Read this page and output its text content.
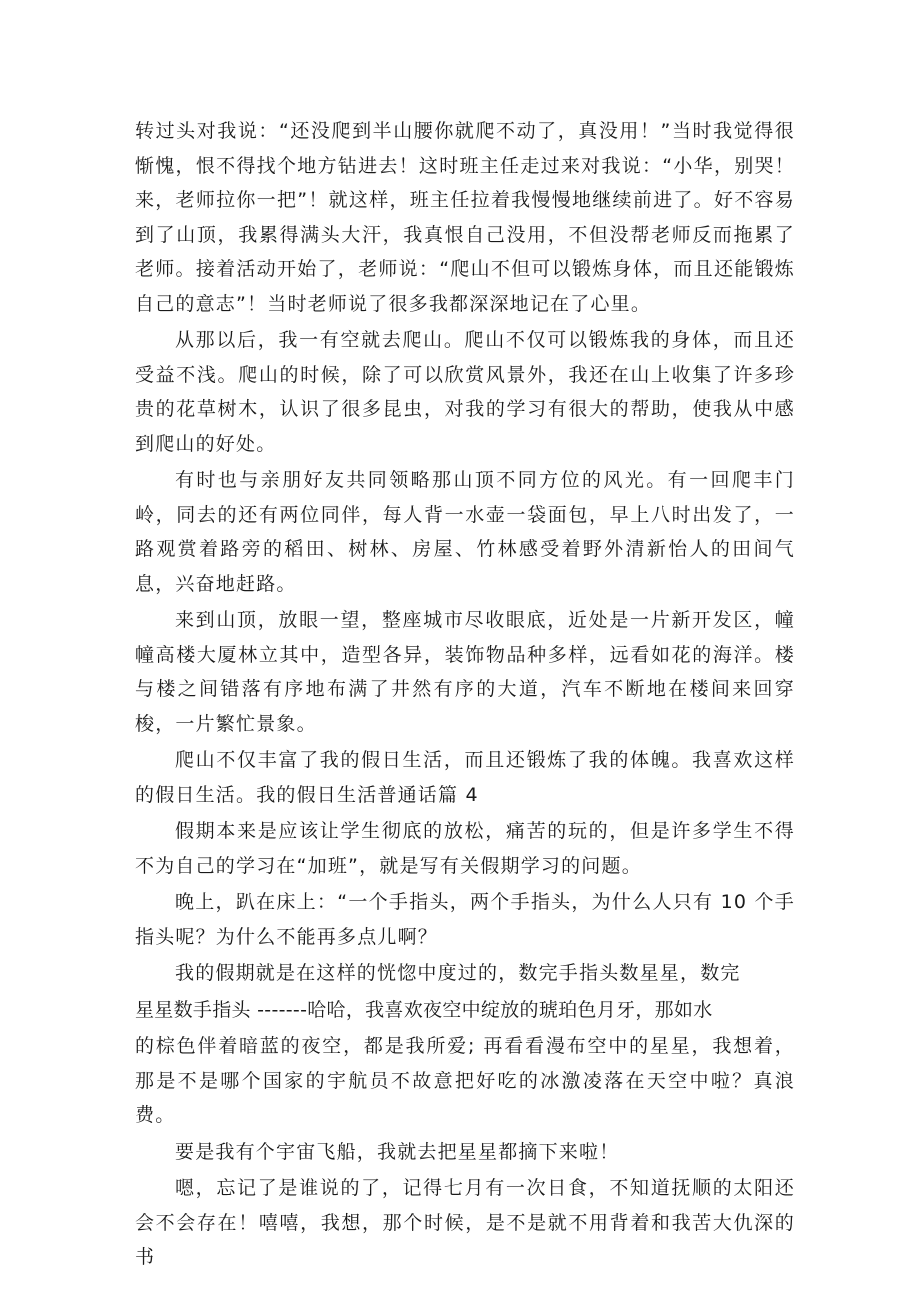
转过头对我说：“还没爬到半山腰你就爬不动了，真没用！”当时我觉得很惭愧，恨不得找个地方钻进去！这时班主任走过来对我说：“小华，别哭！来，老师拉你一把”！就这样，班主任拉着我慢慢地继续前进了。好不容易到了山顶，我累得满头大汗，我真恨自己没用，不但没帮老师反而拖累了老师。接着活动开始了，老师说：“爬山不但可以锻炼身体，而且还能锻炼自己的意志”！当时老师说了很多我都深深地记在了心里。

从那以后，我一有空就去爬山。爬山不仅可以锻炼我的身体，而且还受益不浅。爬山的时候，除了可以欣赏风景外，我还在山上收集了许多珍贵的花草树木，认识了很多昆虫，对我的学习有很大的帮助，使我从中感到爬山的好处。

有时也与亲朋好友共同领略那山顶不同方位的风光。有一回爬丰门岭，同去的还有两位同伴，每人背一水壶一袋面包，早上八时出发了，一路观赏着路旁的稻田、树林、房屋、竹林感受着野外清新怡人的田间气息，兴奋地赶路。

来到山顶，放眼一望，整座城市尽收眼底，近处是一片新开发区，幢幢高楼大厦林立其中，造型各异，装饰物品种多样，远看如花的海洋。楼与楼之间错落有序地布满了井然有序的大道，汽车不断地在楼间来回穿梭，一片繁忙景象。

爬山不仅丰富了我的假日生活，而且还锻炼了我的体魄。我喜欢这样的假日生活。我的假日生活普通话篇 4

假期本来是应该让学生彻底的放松，痛苦的玩的，但是许多学生不得不为自己的学习在“加班”，就是写有关假期学习的问题。

晚上，趴在床上：“一个手指头，两个手指头，为什么人只有 10 个手指头呢？为什么不能再多点儿啊？

我的假期就是在这样的恍惚中度过的，数完手指头数星星，数完

星星数手指头 -------哈哈，我喜欢夜空中绽放的琥珀色月牙，那如水

的棕色伴着暗蓝的夜空，都是我所爱; 再看看漫布空中的星星，我想着，那是不是哪个国家的宇航员不故意把好吃的冰激凌落在天空中啦？真浪费。

要是我有个宇宙飞船，我就去把星星都摘下来啦！

嗯，忘记了是谁说的了，记得七月有一次日食，不知道抚顺的太阳还会不会存在！嘻嘻，我想，那个时候，是不是就不用背着和我苦大仇深的书
